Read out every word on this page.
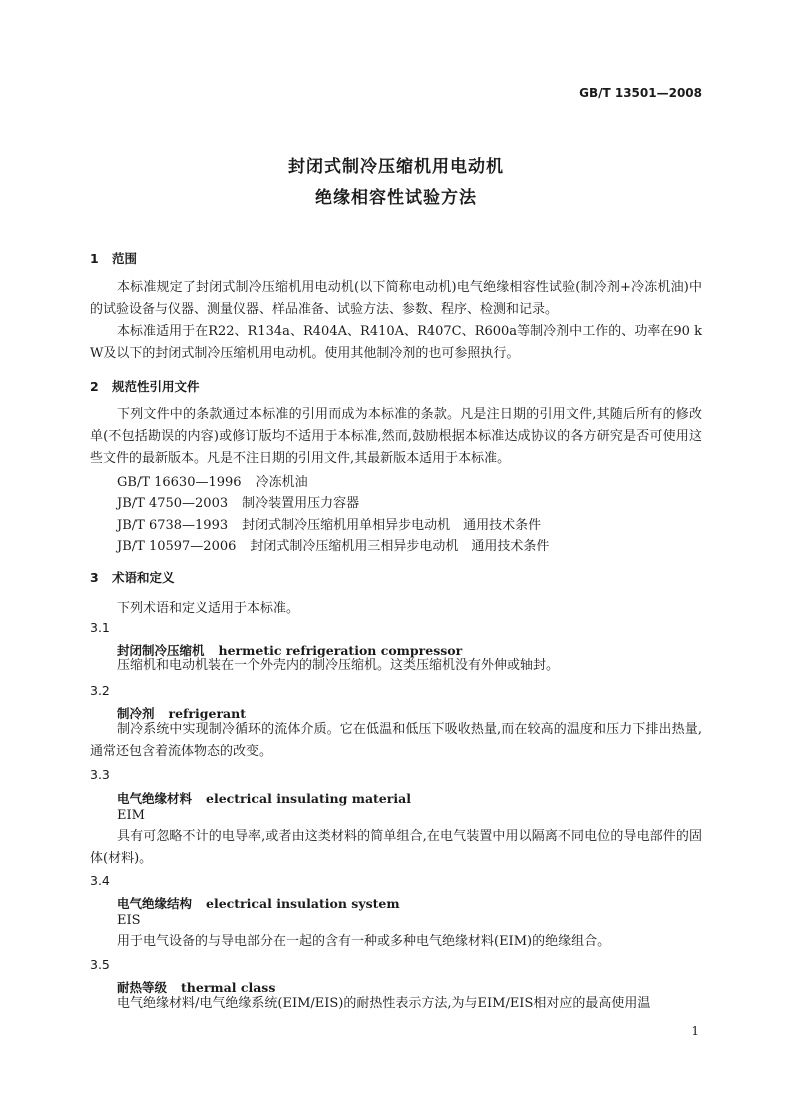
GB/T 13501—2008
封闭式制冷压缩机用电动机
绝缘相容性试验方法
1 范围

本标准规定了封闭式制冷压缩机用电动机(以下简称电动机)电气绝缘相容性试验(制冷剂+冷冻机油)中的试验设备与仪器、测量仪器、样品准备、试验方法、参数、程序、检测和记录。

本标准适用于在R22、R134a、R404A、R410A、R407C、R600a等制冷剂中工作的、功率在90 kW及以下的封闭式制冷压缩机用电动机。使用其他制冷剂的也可参照执行。

2 规范性引用文件

下列文件中的条款通过本标准的引用而成为本标准的条款。凡是注日期的引用文件,其随后所有的修改单(不包括勘误的内容)或修订版均不适用于本标准,然而,鼓励根据本标准达成协议的各方研究是否可使用这些文件的最新版本。凡是不注日期的引用文件,其最新版本适用于本标准。

GB/T 16630—1996 冷冻机油
JB/T 4750—2003 制冷装置用压力容器
JB/T 6738—1993 封闭式制冷压缩机用单相异步电动机　通用技术条件
JB/T 10597—2006 封闭式制冷压缩机用三相异步电动机　通用技术条件
3 术语和定义
下列术语和定义适用于本标准。
3.1
封闭制冷压缩机 hermetic refrigeration compressor

压缩机和电动机装在一个外壳内的制冷压缩机。这类压缩机没有外伸或轴封。

3.2
制冷剂 refrigerant

制冷系统中实现制冷循环的流体介质。它在低温和低压下吸收热量,而在较高的温度和压力下排出热量,通常还包含着流体物态的改变。

3.3
电气绝缘材料 electrical insulating material
EIM

具有可忽略不计的电导率,或者由这类材料的简单组合,在电气装置中用以隔离不同电位的导电部件的固体(材料)。

3.4
电气绝缘结构 electrical insulation system
EIS

用于电气设备的与导电部分在一起的含有一种或多种电气绝缘材料(EIM)的绝缘组合。

3.5
耐热等级 thermal class

电气绝缘材料/电气绝缘系统(EIM/EIS)的耐热性表示方法,为与EIM/EIS相对应的最高使用温

1
